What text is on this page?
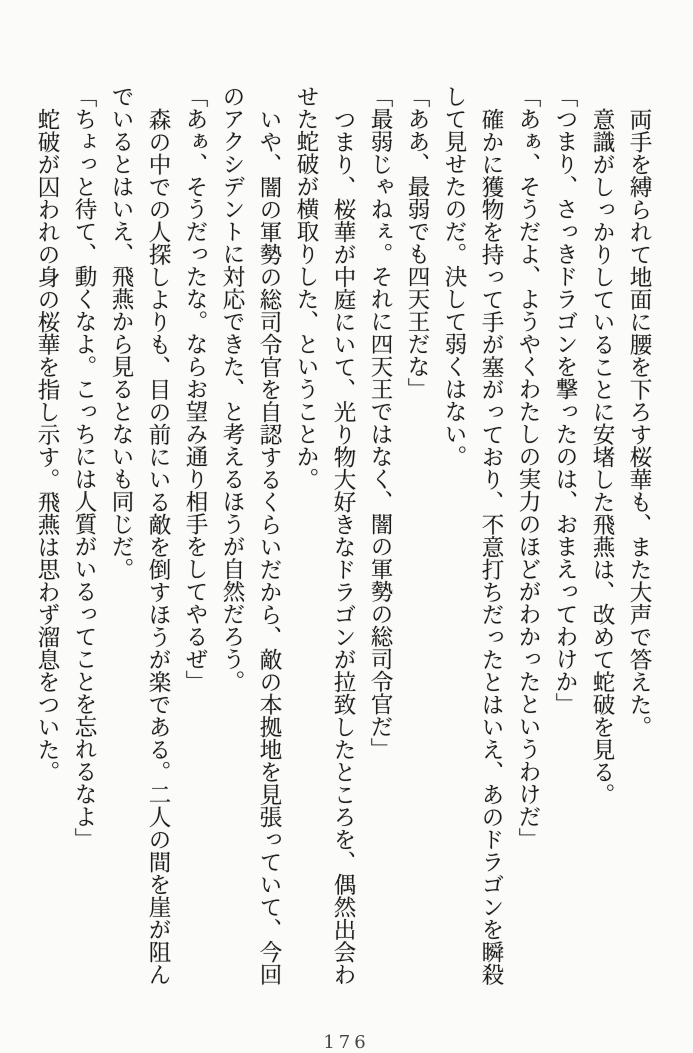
両手を縛られて地面に腰を下ろす桜華も、また大声で答えた。

意識がしっかりしていることに安堵した飛燕は、改めて蛇破を見る。

「つまり、さっきドラゴンを撃ったのは、おまえってわけか」

「あぁ、そうだよ、ようやくわたしの実力のほどがわかったというわけだ」

確かに獲物を持って手が塞がっており、不意打ちだったとはいえ、あのドラゴンを瞬殺して見せたのだ。決して弱くはない。

「ああ、最弱でも四天王だな」

「最弱じゃねぇ。それに四天王ではなく、闇の軍勢の総司令官だ」

つまり、桜華が中庭にいて、光り物大好きなドラゴンが拉致したところを、偶然出会わせた蛇破が横取りした、ということか。

いや、闇の軍勢の総司令官を自認するくらいだから、敵の本拠地を見張っていて、今回のアクシデントに対応できた、と考えるほうが自然だろう。

「あぁ、そうだったな。ならお望み通り相手をしてやるぜ」

森の中での人探しよりも、目の前にいる敵を倒すほうが楽である。二人の間を崖が阻んでいるとはいえ、飛燕から見るとないも同じだ。

「ちょっと待て、動くなよ。こっちには人質がいるってことを忘れるなよ」

蛇破が囚われの身の桜華を指し示す。飛燕は思わず溜息をついた。

176
